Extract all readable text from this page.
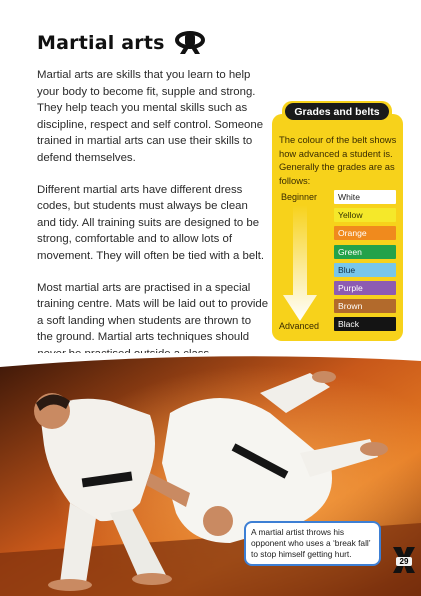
Martial arts

Martial arts are skills that you learn to help your body to become fit, supple and strong. They help teach you mental skills such as discipline, respect and self control. Someone trained in martial arts can use their skills to defend themselves.

Different martial arts have different dress codes, but students must always be clean and tidy. All training suits are designed to be strong, comfortable and to allow lots of movement. They will often be tied with a belt.

Most martial arts are practised in a special training centre. Mats will be laid out to provide a soft landing when students are thrown to the ground. Martial arts techniques should

Grades and belts
The colour of the belt shows how advanced a student is. Generally the grades are as follows:
Beginner
Advanced
White
Yellow
Orange
Green
Blue
Purple
Brown
Black
A martial artist throws his opponent who uses a ‘break fall’ to stop himself getting hurt.
29
